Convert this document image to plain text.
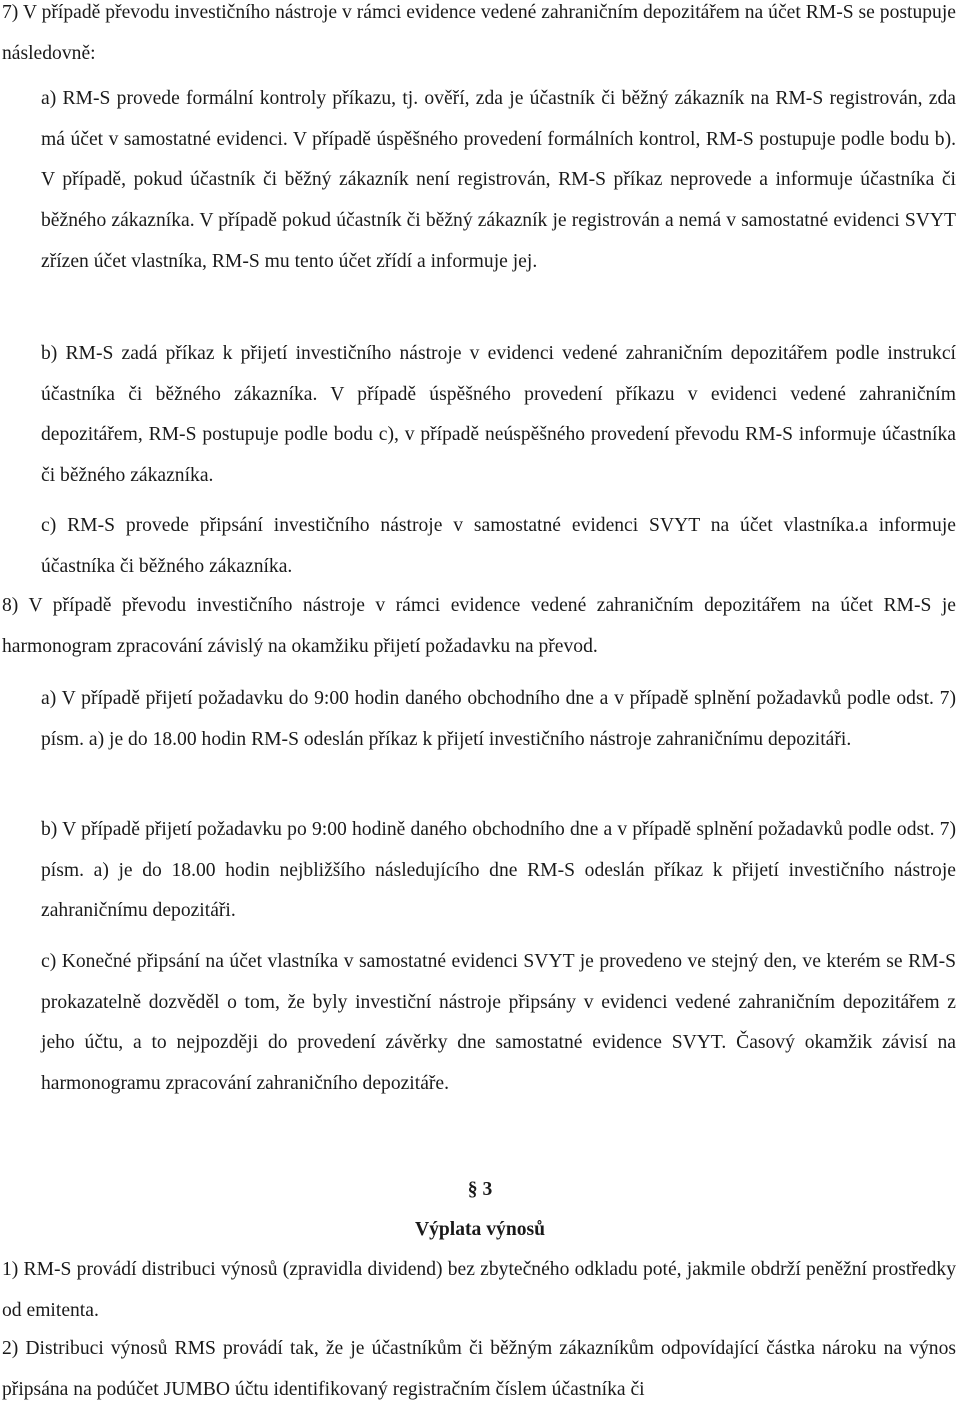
7) V případě převodu investičního nástroje v rámci evidence vedené zahraničním depozitářem na účet RM-S se postupuje následovně:

a) RM-S provede formální kontroly příkazu, tj. ověří, zda je účastník či běžný zákazník na RM-S registrován, zda má účet v samostatné evidenci. V případě úspěšného provedení formálních kontrol, RM-S postupuje podle bodu b). V případě, pokud účastník či běžný zákazník není registrován, RM-S příkaz neprovede a informuje účastníka či běžného zákazníka. V případě pokud účastník či běžný zákazník je registrován a nemá v samostatné evidenci SVYT zřízen účet vlastníka, RM-S mu tento účet zřídí a informuje jej.

b) RM-S zadá příkaz k přijetí investičního nástroje v evidenci vedené zahraničním depozitářem podle instrukcí účastníka či běžného zákazníka. V případě úspěšného provedení příkazu v evidenci vedené zahraničním depozitářem, RM-S postupuje podle bodu c), v případě neúspěšného provedení převodu RM-S informuje účastníka či běžného zákazníka.

c) RM-S provede připsání investičního nástroje v samostatné evidenci SVYT na účet vlastníka.a informuje účastníka či běžného zákazníka.

8) V případě převodu investičního nástroje v rámci evidence vedené zahraničním depozitářem na účet RM-S je harmonogram zpracování závislý na okamžiku přijetí požadavku na převod.

a) V případě přijetí požadavku do 9:00 hodin daného obchodního dne a v případě splnění požadavků podle odst. 7) písm. a) je do 18.00 hodin RM-S odeslán příkaz k přijetí investičního nástroje zahraničnímu depozitáři.

b) V případě přijetí požadavku po 9:00 hodině daného obchodního dne a v případě splnění požadavků podle odst. 7) písm. a) je do 18.00 hodin nejbližšího následujícího dne RM-S odeslán příkaz k přijetí investičního nástroje zahraničnímu depozitáři.

c) Konečné připsání na účet vlastníka v samostatné evidenci SVYT je provedeno ve stejný den, ve kterém se RM-S prokazatelně dozvěděl o tom, že byly investiční nástroje připsány v evidenci vedené zahraničním depozitářem z jeho účtu, a to nejpozději do provedení závěrky dne samostatné evidence SVYT. Časový okamžik závisí na harmonogramu zpracování zahraničního depozitáře.

§ 3

Výplata výnosů

1) RM-S provádí distribuci výnosů (zpravidla dividend) bez zbytečného odkladu poté, jakmile obdrží peněžní prostředky od emitenta.

2) Distribuci výnosů RMS provádí tak, že je účastníkům či běžným zákazníkům odpovídající částka nároku na výnos připsána na podúčet JUMBO účtu identifikovaný registračním číslem účastníka či
